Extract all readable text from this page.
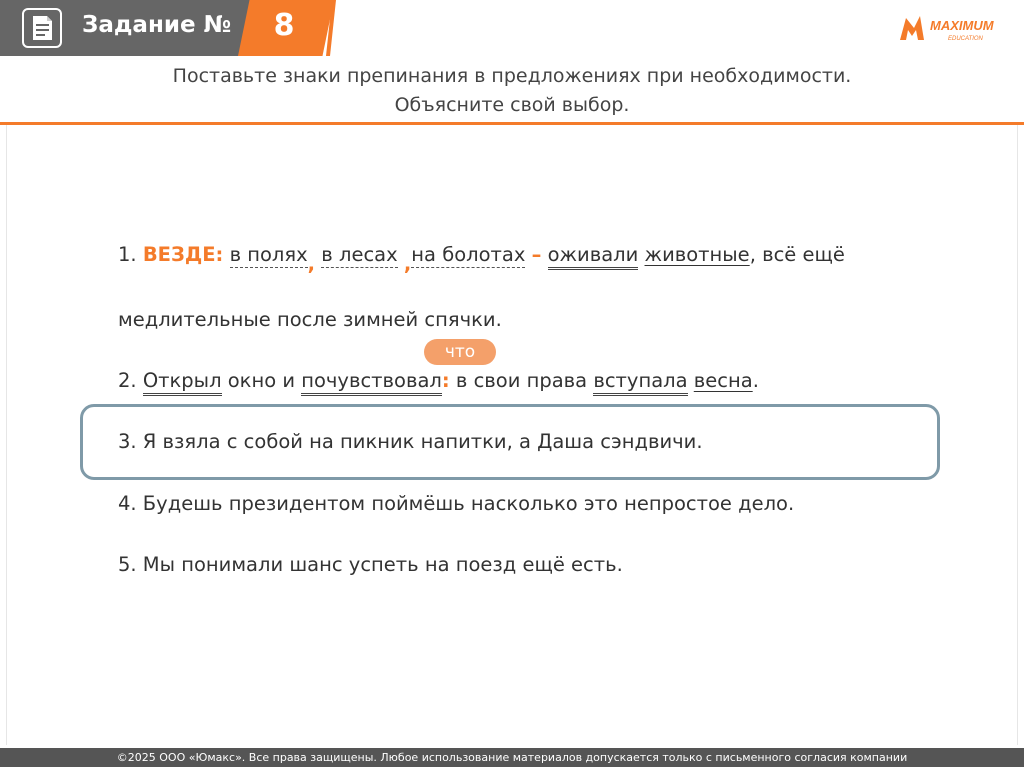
Задание №	8	MAXIMUM
EDUCATION
Поставьте знаки препинания в предложениях при необходимости.
Объясните свой выбор.
1. ВЕЗДЕ: в полях, в лесах ,на болотах – оживали животные, всё ещё
медлительные после зимней спячки.
что
2. Открыл окно и почувствовал: в свои права вступала весна.
3. Я взяла с собой на пикник напитки, а Даша сэндвичи.
4. Будешь президентом поймёшь насколько это непростое дело.
5. Мы понимали шанс успеть на поезд ещё есть.
©2025 ООО «Юмакс». Все права защищены. Любое использование материалов допускается только с письменного согласия компании
